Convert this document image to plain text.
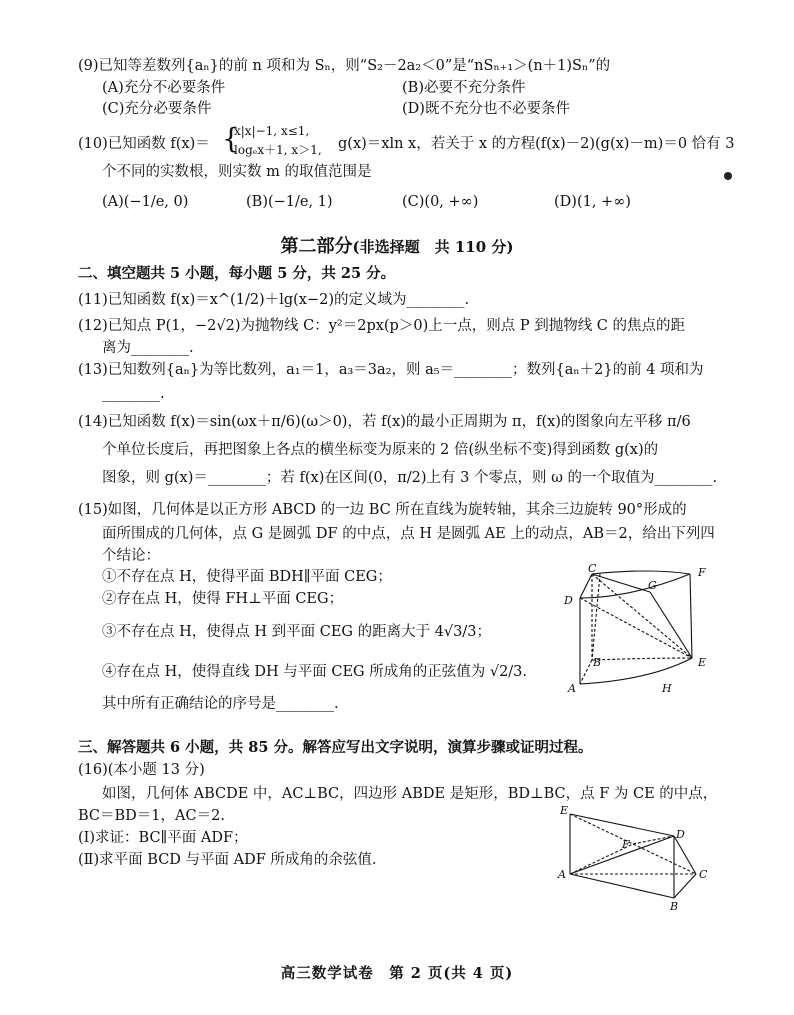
(9)已知等差数列{aₙ}的前 n 项和为 Sₙ，则“S₂－2a₂＜0”是“nSₙ₊₁＞(n＋1)Sₙ”的
(A)充分不必要条件	(B)必要不充分条件
(C)充分必要条件	(D)既不充分也不必要条件
(10)已知函数 f(x)＝ {
x|x|−1, x≤1,
logₑx＋1, x＞1, g(x)＝xln x，若关于 x 的方程(f(x)－2)(g(x)－m)＝0 恰有 3
个不同的实数根，则实数 m 的取值范围是
(A)(−1/e, 0)	(B)(−1/e, 1)	(C)(0, +∞)	(D)(1, +∞)
第二部分(非选择题　共 110 分)
二、填空题共 5 小题，每小题 5 分，共 25 分。
(11)已知函数 f(x)＝x^(1/2)＋lg(x−2)的定义域为________.
(12)已知点 P(1，−2√2)为抛物线 C：y²＝2px(p＞0)上一点，则点 P 到抛物线 C 的焦点的距
离为________.
(13)已知数列{aₙ}为等比数列，a₁＝1，a₃＝3a₂，则 a₅＝________；数列{aₙ＋2}的前 4 项和为
________.
(14)已知函数 f(x)＝sin(ωx＋π/6)(ω＞0)，若 f(x)的最小正周期为 π，f(x)的图象向左平移 π/6
个单位长度后，再把图象上各点的横坐标变为原来的 2 倍(纵坐标不变)得到函数 g(x)的
图象，则 g(x)＝________；若 f(x)在区间(0，π/2)上有 3 个零点，则 ω 的一个取值为________.
(15)如图，几何体是以正方形 ABCD 的一边 BC 所在直线为旋转轴，其余三边旋转 90°形成的
面所围成的几何体，点 G 是圆弧 DF 的中点，点 H 是圆弧 AE 上的动点，AB＝2，给出下列四
个结论：
①不存在点 H，使得平面 BDH∥平面 CEG；
②存在点 H，使得 FH⊥平面 CEG；
③不存在点 H，使得点 H 到平面 CEG 的距离大于 4√3/3；
④存在点 H，使得直线 DH 与平面 CEG 所成角的正弦值为 √2/3.
其中所有正确结论的序号是________.
C	F
G
D
B	E
A	H
三、解答题共 6 小题，共 85 分。解答应写出文字说明，演算步骤或证明过程。
(16)(本小题 13 分)
如图，几何体 ABCDE 中，AC⊥BC，四边形 ABDE 是矩形，BD⊥BC，点 F 为 CE 的中点，
BC＝BD＝1，AC＝2.
(Ⅰ)求证：BC∥平面 ADF；
(Ⅱ)求平面 BCD 与平面 ADF 所成角的余弦值.
E
D
F
A	C
B
高三数学试卷　第 2 页(共 4 页)
